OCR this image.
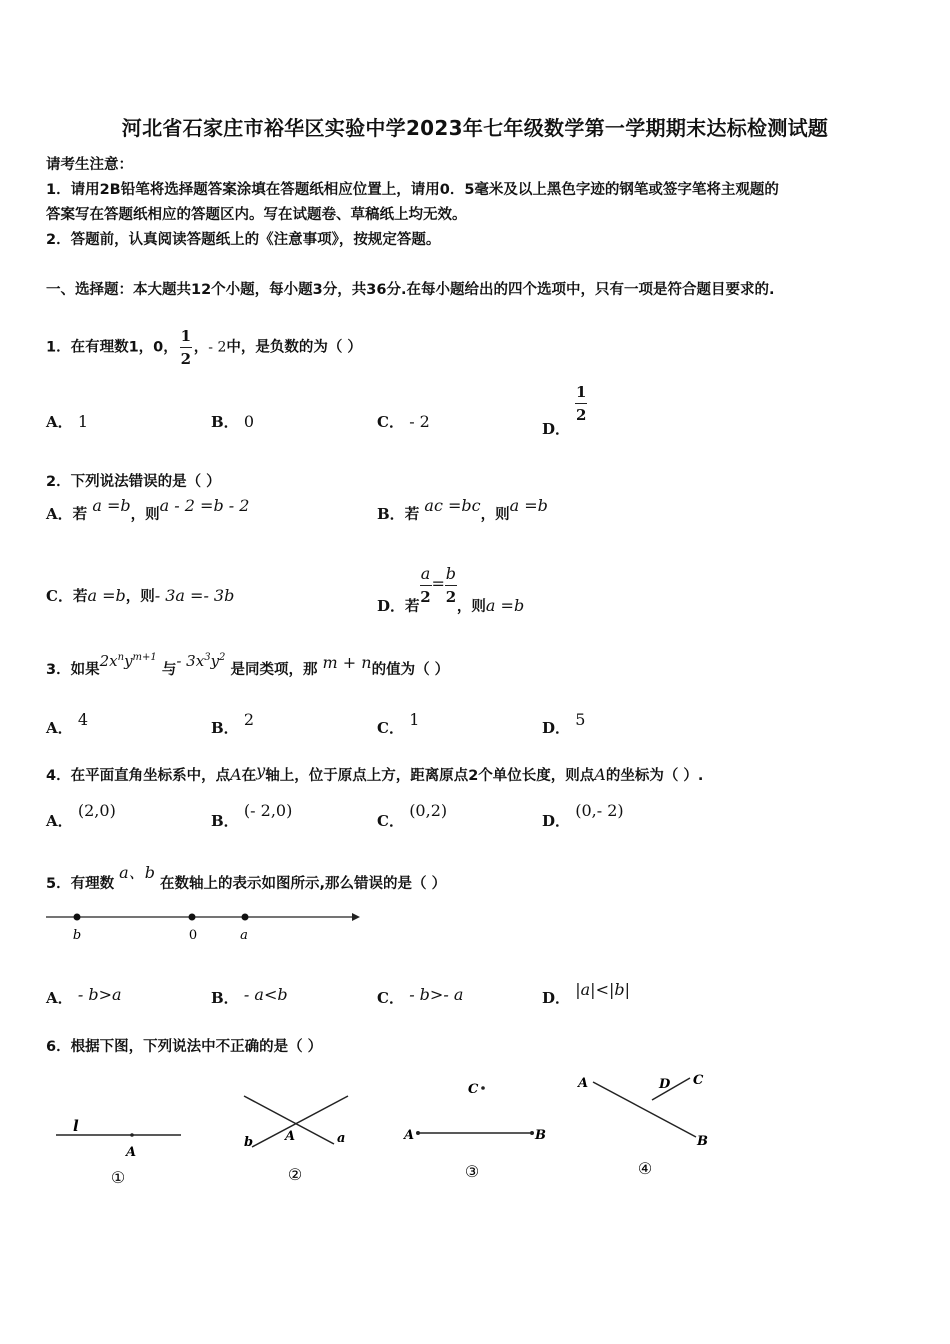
河北省石家庄市裕华区实验中学2023年七年级数学第一学期期末达标检测试题
请考生注意：
1．请用2B铅笔将选择题答案涂填在答题纸相应位置上，请用0．5毫米及以上黑色字迹的钢笔或签字笔将主观题的
答案写在答题纸相应的答题区内。写在试题卷、草稿纸上均无效。
2．答题前，认真阅读答题纸上的《注意事项》，按规定答题。
一、选择题：本大题共12个小题，每小题3分，共36分.在每小题给出的四个选项中，只有一项是符合题目要求的.
1．在有理数1，0， $\frac{1}{2}$ ，- 2中，是负数的为（ ）
A． 1	B． 0	C． - 2	D．
$\frac{1}{2}$
2．下列说法错误的是（ ）
A．若 a =b，则a - 2 =b - 2	B．若 ac =bc，则a =b
C．若a =b，则- 3a =- 3b
D．若
$\frac{a}{2} = \frac{b}{2}$
，则a =b
3．如果$2x^ny^{m+1}$ 与- $3x^3y^2$ 是同类项，那 m + n的值为（ ）
A． 4	B． 2	C． 1	D． 5
4．在平面直角坐标系中，点A在y轴上，位于原点上方，距离原点2个单位长度，则点A的坐标为（ ）.
A． (2,0)
B． (- 2,0)
C． (0,2)
D． (0,- 2)
5．有理数 a、b 在数轴上的表示如图所示,那么错误的是（ ）
b	0	a
A． - b>a	B． - a<b	C． - b>- a	D． |a|<|b|
6．根据下图，下列说法中不正确的是（ ）
l
A
①
b A	a
②
C
A	B
③
A	D C
B
④
